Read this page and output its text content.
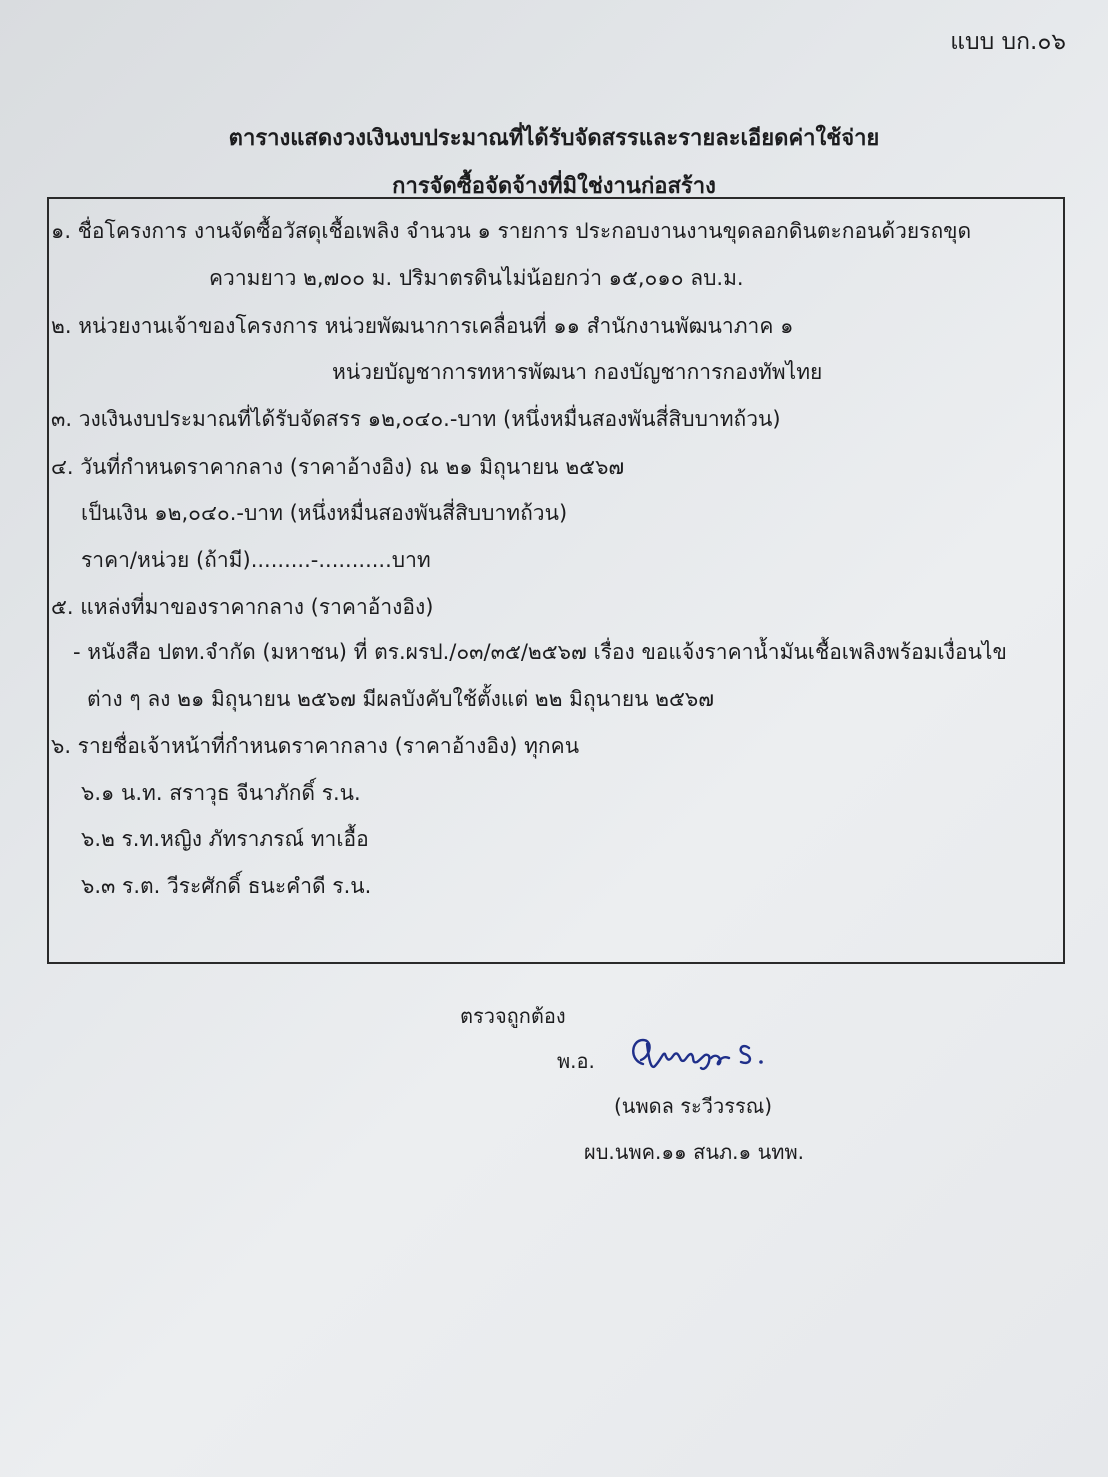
แบบ บก.๐๖
ตารางแสดงวงเงินงบประมาณที่ได้รับจัดสรรและรายละเอียดค่าใช้จ่าย
การจัดซื้อจัดจ้างที่มิใช่งานก่อสร้าง
๑. ชื่อโครงการ งานจัดซื้อวัสดุเชื้อเพลิง จำนวน ๑ รายการ ประกอบงานงานขุดลอกดินตะกอนด้วยรถขุด
ความยาว ๒,๗๐๐ ม. ปริมาตรดินไม่น้อยกว่า ๑๕,๐๑๐ ลบ.ม.
๒. หน่วยงานเจ้าของโครงการ หน่วยพัฒนาการเคลื่อนที่ ๑๑ สำนักงานพัฒนาภาค ๑
หน่วยบัญชาการทหารพัฒนา กองบัญชาการกองทัพไทย
๓. วงเงินงบประมาณที่ได้รับจัดสรร ๑๒,๐๔๐.-บาท (หนึ่งหมื่นสองพันสี่สิบบาทถ้วน)
๔. วันที่กำหนดราคากลาง (ราคาอ้างอิง) ณ ๒๑ มิถุนายน ๒๕๖๗
เป็นเงิน ๑๒,๐๔๐.-บาท (หนึ่งหมื่นสองพันสี่สิบบาทถ้วน)
ราคา/หน่วย (ถ้ามี).........-...........บาท
๕. แหล่งที่มาของราคากลาง (ราคาอ้างอิง)
- หนังสือ ปตท.จำกัด (มหาชน) ที่ ตร.ผรป./๐๓/๓๕/๒๕๖๗ เรื่อง ขอแจ้งราคาน้ำมันเชื้อเพลิงพร้อมเงื่อนไข
ต่าง ๆ ลง ๒๑ มิถุนายน ๒๕๖๗ มีผลบังคับใช้ตั้งแต่ ๒๒ มิถุนายน ๒๕๖๗
๖. รายชื่อเจ้าหน้าที่กำหนดราคากลาง (ราคาอ้างอิง) ทุกคน
๖.๑ น.ท. สราวุธ จีนาภักดิ์ ร.น.
๖.๒ ร.ท.หญิง ภัทราภรณ์ ทาเอื้อ
๖.๓ ร.ต. วีระศักดิ์ ธนะคำดี ร.น.
ตรวจถูกต้อง
พ.อ.
(นพดล ระวีวรรณ)
ผบ.นพค.๑๑ สนภ.๑ นทพ.
